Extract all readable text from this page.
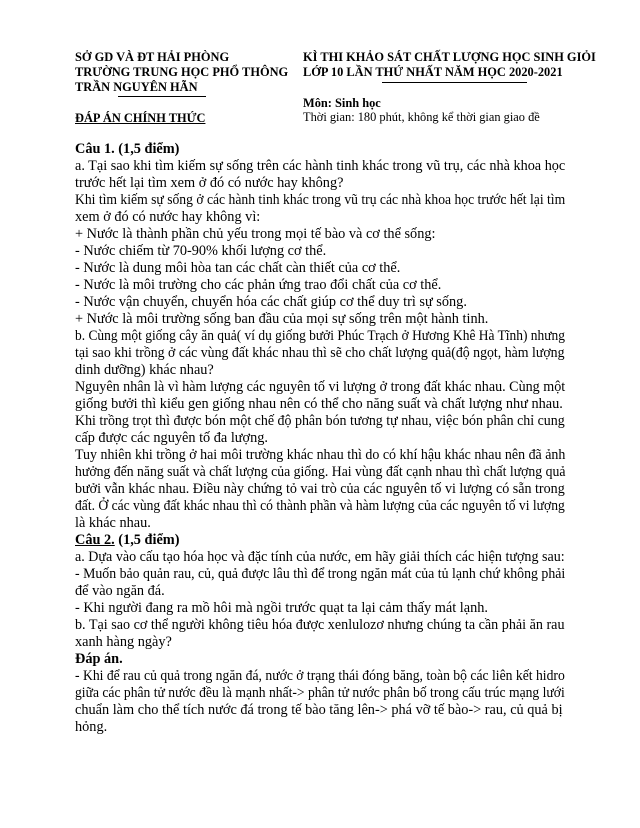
SỞ GD VÀ ĐT HẢI PHÒNG
TRƯỜNG TRUNG HỌC PHỔ THÔNG
TRẦN NGUYÊN HÃN
ĐÁP ÁN CHÍNH THỨC
KÌ THI KHẢO SÁT CHẤT LƯỢNG HỌC SINH GIỎI
LỚP 10 LẦN THỨ NHẤT NĂM HỌC 2020-2021
Môn: Sinh học
Thời gian: 180 phút, không kể thời gian giao đề
Câu 1. (1,5 điểm)
a. Tại sao khi tìm kiếm sự sống trên các hành tinh khác trong vũ trụ, các nhà khoa học
trước hết lại tìm xem ở đó có nước hay không?
Khi tìm kiếm sự sống ở các hành tinh khác trong vũ trụ các nhà khoa học trước hết lại tìm
xem ở đó có nước hay không vì:
+ Nước là thành phần chủ yếu trong mọi tế bào và cơ thể sống:
- Nước chiếm từ 70-90% khối lượng cơ thể.
- Nước là dung môi hòa tan các chất càn thiết của cơ thể.
- Nước là môi trường cho các phản ứng trao đổi chất của cơ thể.
- Nước vận chuyển, chuyển hóa các chất giúp cơ thể duy trì sự sống.
+ Nước là môi trường sống ban đầu của mọi sự sống trên một hành tinh.
b. Cùng một giống cây ăn quả( ví dụ giống bưởi Phúc Trạch ở Hương Khê Hà Tĩnh) nhưng
tại sao khi trồng ở các vùng đất khác nhau thì sẽ cho chất lượng quả(độ ngọt, hàm lượng
dinh dưỡng) khác nhau?
Nguyên nhân là vì hàm lượng các nguyên tố vi lượng ở trong đất khác nhau. Cùng một
giống bưởi thì kiểu gen giống nhau nên có thể cho năng suất và chất lượng như nhau.
Khi trồng trọt thì được bón một chế độ phân bón tương tự nhau, việc bón phân chỉ cung
cấp được các nguyên tố đa lượng.
Tuy nhiên khi trồng ở hai môi trường khác nhau thì do có khí hậu khác nhau nên đã ảnh
hưởng đến năng suất và chất lượng của giống. Hai vùng đất cạnh nhau thì chất lượng quả
bưởi vẫn khác nhau. Điều này chứng tỏ vai trò của các nguyên tố vi lượng có sẵn trong
đất. Ở các vùng đất khác nhau thì có thành phần và hàm lượng của các nguyên tố vi lượng
là khác nhau.
Câu 2. (1,5 điểm)
a. Dựa vào cấu tạo hóa học và đặc tính của nước, em hãy giải thích các hiện tượng sau:
- Muốn bảo quản rau, củ, quả được lâu thì để trong ngăn mát của tủ lạnh chứ không phải
để vào ngăn đá.
- Khi người đang ra mồ hôi mà ngồi trước quạt ta lại cảm thấy mát lạnh.
b. Tại sao cơ thể người không tiêu hóa được xenlulozơ nhưng chúng ta cần phải ăn rau
xanh hàng ngày?
Đáp án.
- Khi để rau củ quả trong ngăn đá, nước ở trạng thái đóng băng, toàn bộ các liên kết hidro
giữa các phân tử nước đều là mạnh nhất-> phân tử nước phân bố trong cấu trúc mạng lưới
chuẩn làm cho thể tích nước đá trong tế bào tăng lên-> phá vỡ tế bào-> rau, củ quả bị
hỏng.
